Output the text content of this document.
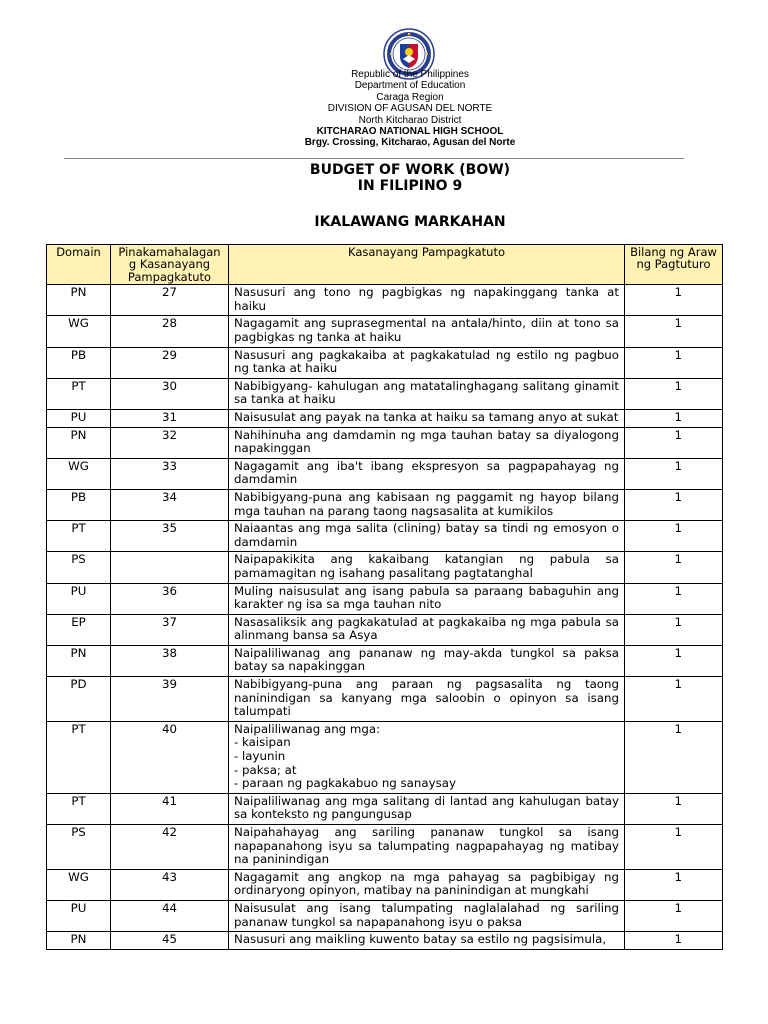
Republic of the Philippines
Department of Education
Caraga Region
DIVISION OF AGUSAN DEL NORTE
North Kitcharao District
KITCHARAO NATIONAL HIGH SCHOOL
Brgy. Crossing, Kitcharao, Agusan del Norte
BUDGET OF WORK (BOW)
IN FILIPINO 9
IKALAWANG MARKAHAN
Domain	Pinakamahalagan g Kasanayang Pampagkatuto	Kasanayang Pampagkatuto	Bilang ng Araw ng Pagtuturo
PN	27	Nasusuri ang tono ng pagbigkas ng napakinggang tanka at haiku	1
WG	28	Nagagamit ang suprasegmental na antala/hinto, diin at tono sa pagbigkas ng tanka at haiku	1
PB	29	Nasusuri ang pagkakaiba at pagkakatulad ng estilo ng pagbuo ng tanka at haiku	1
PT	30	Nabibigyang- kahulugan ang matatalinghagang salitang ginamit sa tanka at haiku	1
PU	31	Naisusulat ang payak na tanka at haiku sa tamang anyo at sukat	1
PN	32	Nahihinuha ang damdamin ng mga tauhan batay sa diyalogong napakinggan	1
WG	33	Nagagamit ang iba't ibang ekspresyon sa pagpapahayag ng damdamin	1
PB	34	Nabibigyang-puna ang kabisaan ng paggamit ng hayop bilang mga tauhan na parang taong nagsasalita at kumikilos	1
PT	35	Naiaantas ang mga salita (clining) batay sa tindi ng emosyon o damdamin	1
PS		Naipapakikita ang kakaibang katangian ng pabula sa pamamagitan ng isahang pasalitang pagtatanghal	1
PU	36	Muling naisusulat ang isang pabula sa paraang babaguhin ang karakter ng isa sa mga tauhan nito	1
EP	37	Nasasaliksik ang pagkakatulad at pagkakaiba ng mga pabula sa alinmang bansa sa Asya	1
PN	38	Naipaliliwanag ang pananaw ng may-akda tungkol sa paksa batay sa napakinggan	1
PD	39	Nabibigyang-puna ang paraan ng pagsasalita ng taong naninindigan sa kanyang mga saloobin o opinyon sa isang talumpati	1
PT	40	Naipaliliwanag ang mga:
- kaisipan
- layunin
- paksa; at
- paraan ng pagkakabuo ng sanaysay	1
PT	41	Naipaliliwanag ang mga salitang di lantad ang kahulugan batay sa konteksto ng pangungusap	1
PS	42	Naipahahayag ang sariling pananaw tungkol sa isang napapanahong isyu sa talumpating nagpapahayag ng matibay na paninindigan	1
WG	43	Nagagamit ang angkop na mga pahayag sa pagbibigay ng ordinaryong opinyon, matibay na paninindigan at mungkahi	1
PU	44	Naisusulat ang isang talumpating naglalalahad ng sariling pananaw tungkol sa napapanahong isyu o paksa	1
PN	45	Nasusuri ang maikling kuwento batay sa estilo ng pagsisimula,	1
